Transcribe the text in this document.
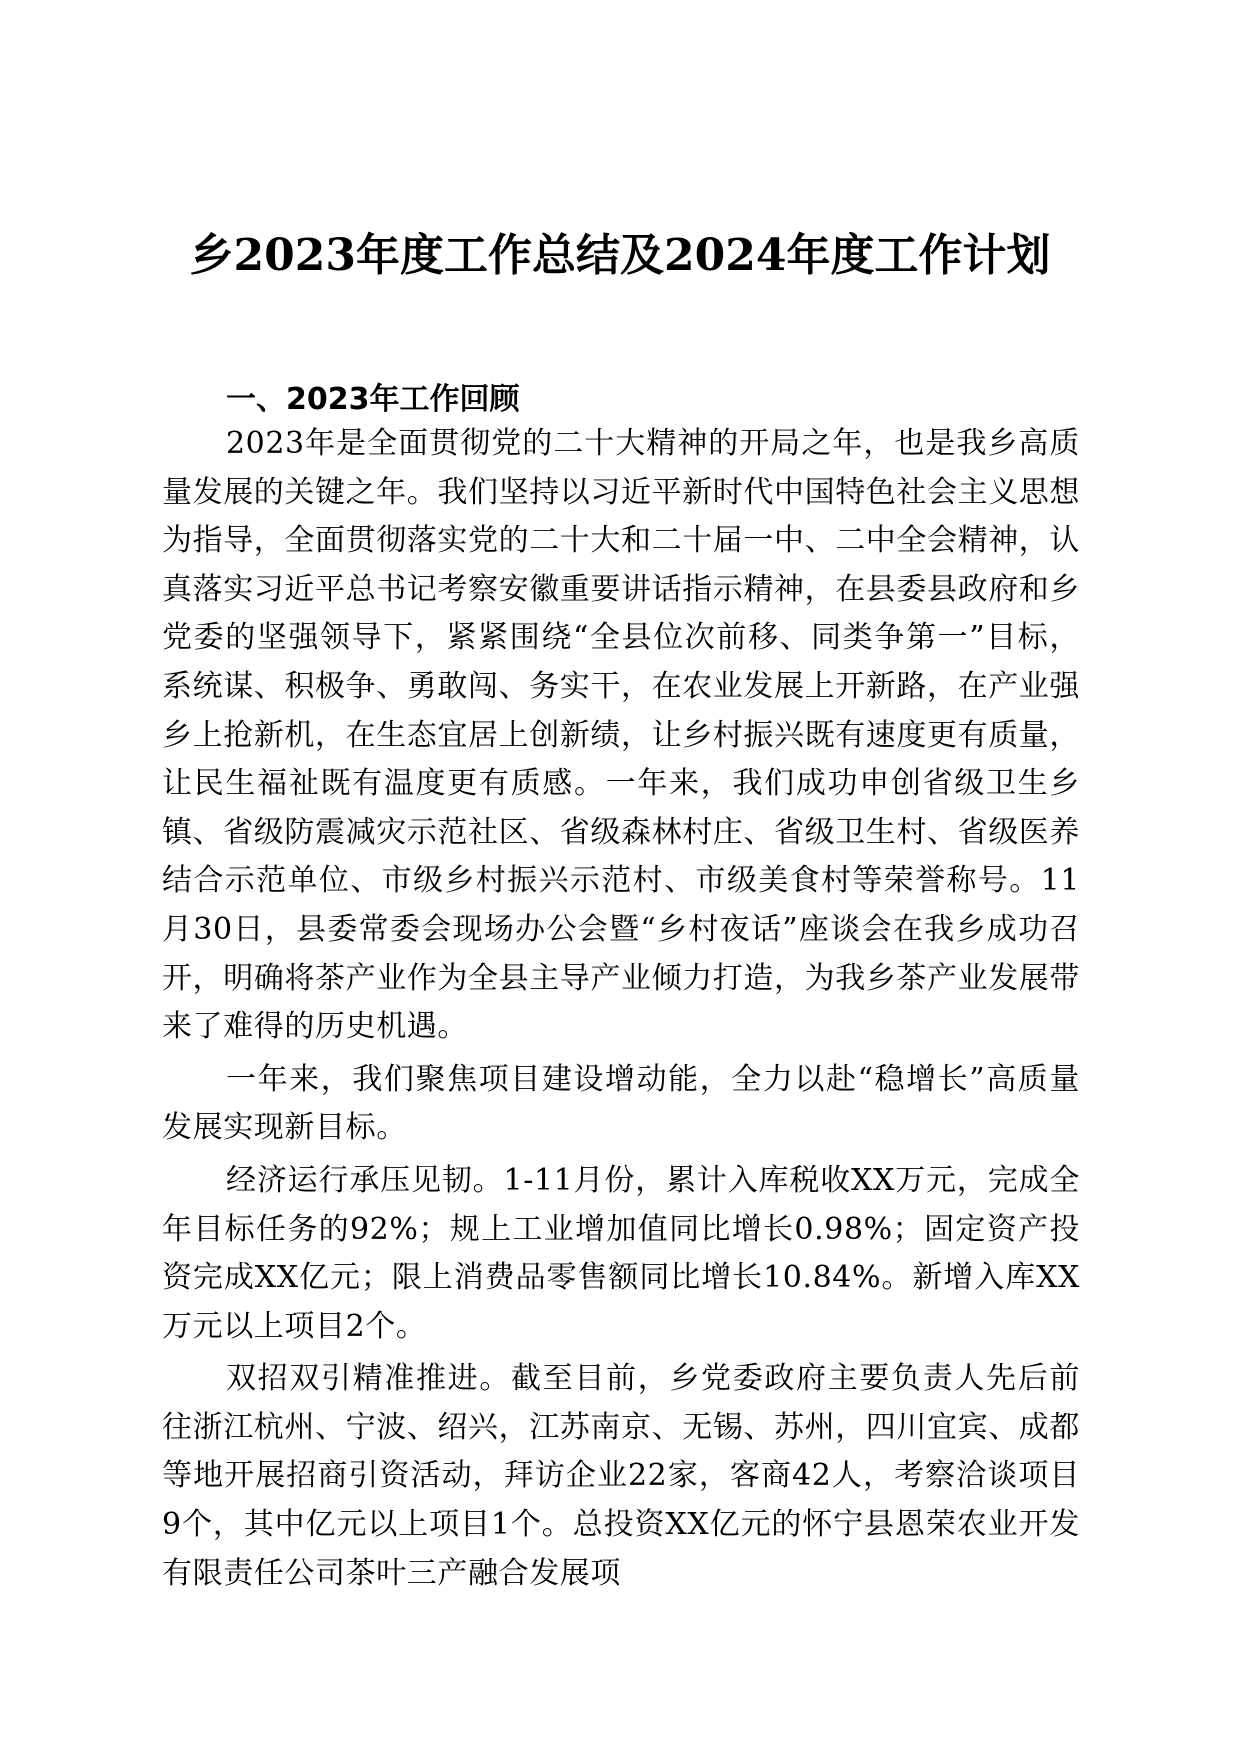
乡2023年度工作总结及2024年度工作计划
一、2023年工作回顾

2023年是全面贯彻党的二十大精神的开局之年，也是我乡高质量发展的关键之年。我们坚持以习近平新时代中国特色社会主义思想为指导，全面贯彻落实党的二十大和二十届一中、二中全会精神，认真落实习近平总书记考察安徽重要讲话指示精神，在县委县政府和乡党委的坚强领导下，紧紧围绕“全县位次前移、同类争第一”目标，系统谋、积极争、勇敢闯、务实干，在农业发展上开新路，在产业强乡上抢新机，在生态宜居上创新绩，让乡村振兴既有速度更有质量，让民生福祉既有温度更有质感。一年来，我们成功申创省级卫生乡镇、省级防震减灾示范社区、省级森林村庄、省级卫生村、省级医养结合示范单位、市级乡村振兴示范村、市级美食村等荣誉称号。11月30日，县委常委会现场办公会暨“乡村夜话”座谈会在我乡成功召开，明确将茶产业作为全县主导产业倾力打造，为我乡茶产业发展带来了难得的历史机遇。

一年来，我们聚焦项目建设增动能，全力以赴“稳增长”高质量发展实现新目标。

经济运行承压见韧。1-11月份，累计入库税收XX万元，完成全年目标任务的92%；规上工业增加值同比增长0.98%；固定资产投资完成XX亿元；限上消费品零售额同比增长10.84%。新增入库XX万元以上项目2个。

双招双引精准推进。截至目前，乡党委政府主要负责人先后前往浙江杭州、宁波、绍兴，江苏南京、无锡、苏州，四川宜宾、成都等地开展招商引资活动，拜访企业22家，客商42人，考察洽谈项目9个，其中亿元以上项目1个。总投资XX亿元的怀宁县恩荣农业开发有限责任公司茶叶三产融合发展项
